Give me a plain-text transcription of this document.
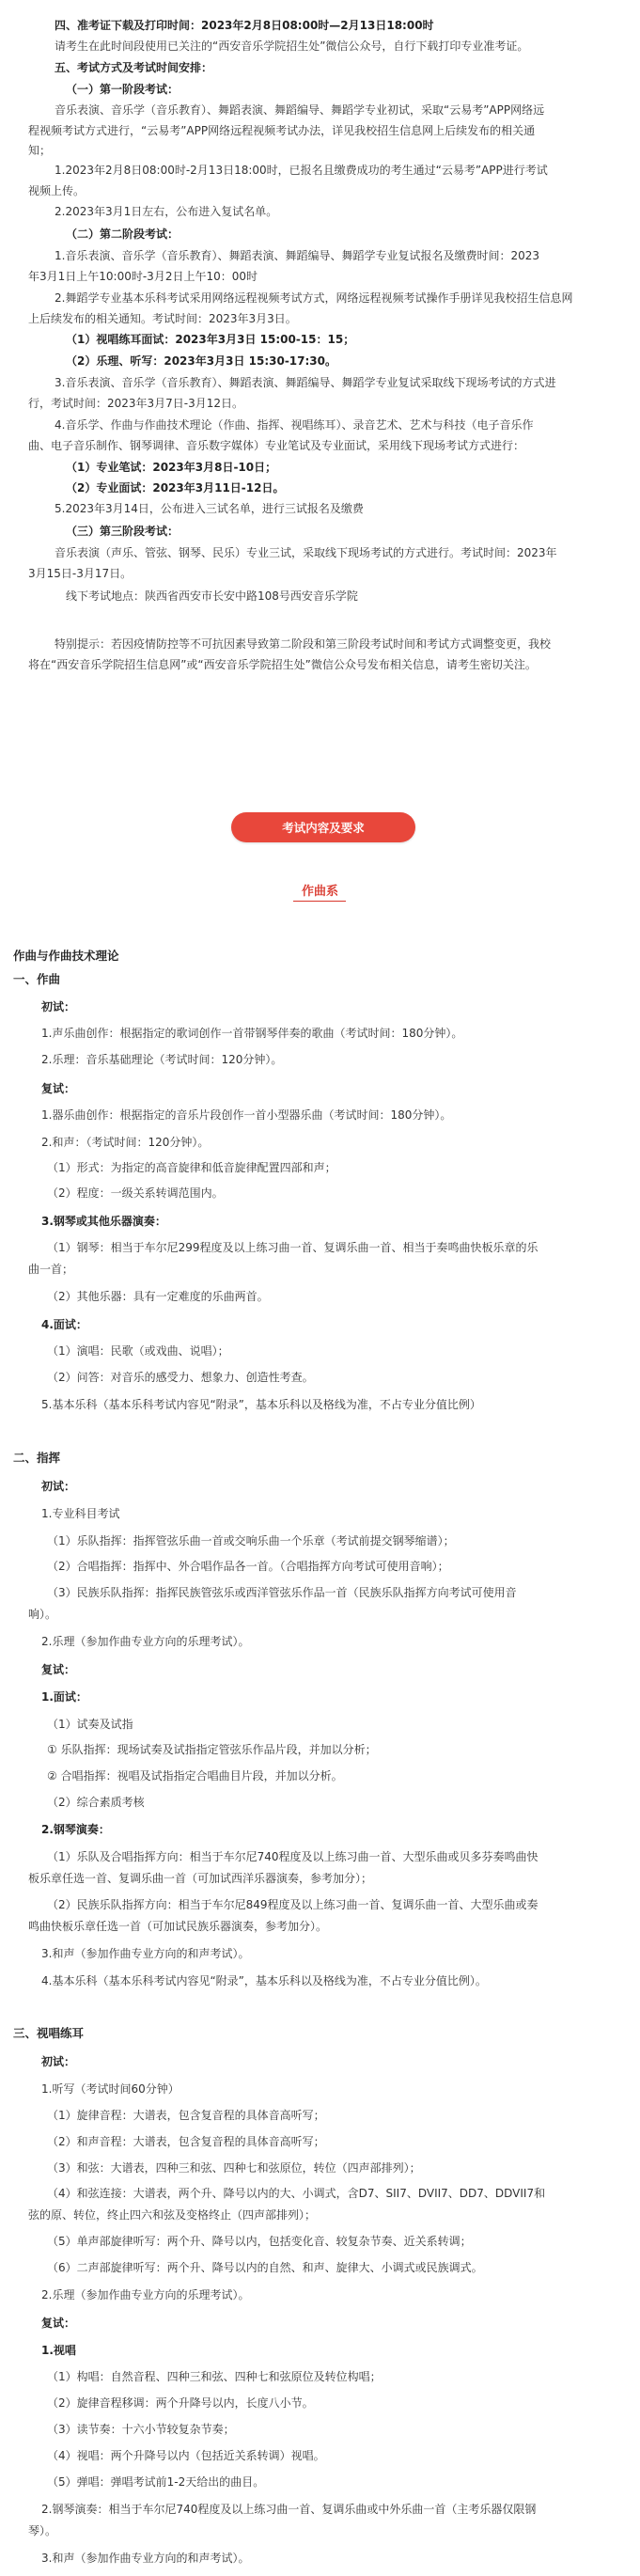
四、准考证下载及打印时间：2023年2月8日08:00时—2月13日18:00时
请考生在此时间段使用已关注的“西安音乐学院招生处”微信公众号，自行下载打印专业准考证。
五、考试方式及考试时间安排：
（一）第一阶段考试：
音乐表演、音乐学（音乐教育）、舞蹈表演、舞蹈编导、舞蹈学专业初试，采取“云易考”APP网络远
程视频考试方式进行，“云易考”APP网络远程视频考试办法，详见我校招生信息网上后续发布的相关通
知；
1.2023年2月8日08:00时-2月13日18:00时，已报名且缴费成功的考生通过“云易考”APP进行考试
视频上传。
2.2023年3月1日左右，公布进入复试名单。
（二）第二阶段考试：
1.音乐表演、音乐学（音乐教育）、舞蹈表演、舞蹈编导、舞蹈学专业复试报名及缴费时间：2023
年3月1日上午10:00时-3月2日上午10：00时
2.舞蹈学专业基本乐科考试采用网络远程视频考试方式，网络远程视频考试操作手册详见我校招生信息网
上后续发布的相关通知。考试时间：2023年3月3日。
（1）视唱练耳面试：2023年3月3日 15:00-15：15；
（2）乐理、听写：2023年3月3日 15:30-17:30。
3.音乐表演、音乐学（音乐教育）、舞蹈表演、舞蹈编导、舞蹈学专业复试采取线下现场考试的方式进
行，考试时间：2023年3月7日-3月12日。
4.音乐学、作曲与作曲技术理论（作曲、指挥、视唱练耳）、录音艺术、艺术与科技（电子音乐作
曲、电子音乐制作、钢琴调律、音乐数字媒体）专业笔试及专业面试，采用线下现场考试方式进行：
（1）专业笔试：2023年3月8日-10日；
（2）专业面试：2023年3月11日-12日。
5.2023年3月14日，公布进入三试名单，进行三试报名及缴费
（三）第三阶段考试：
音乐表演（声乐、管弦、钢琴、民乐）专业三试，采取线下现场考试的方式进行。考试时间：2023年
3月15日-3月17日。
线下考试地点：陕西省西安市长安中路108号西安音乐学院
特别提示：若因疫情防控等不可抗因素导致第二阶段和第三阶段考试时间和考试方式调整变更，我校
将在“西安音乐学院招生信息网”或“西安音乐学院招生处”微信公众号发布相关信息，请考生密切关注。
考试内容及要求
作曲系
作曲与作曲技术理论
一、作曲
初试：
1.声乐曲创作：根据指定的歌词创作一首带钢琴伴奏的歌曲（考试时间：180分钟）。
2.乐理：音乐基础理论（考试时间：120分钟）。
复试：
1.器乐曲创作：根据指定的音乐片段创作一首小型器乐曲（考试时间：180分钟）。
2.和声：（考试时间：120分钟）。
（1）形式：为指定的高音旋律和低音旋律配置四部和声；
（2）程度：一级关系转调范围内。
3.钢琴或其他乐器演奏：
（1）钢琴：相当于车尔尼299程度及以上练习曲一首、复调乐曲一首、相当于奏鸣曲快板乐章的乐
曲一首；
（2）其他乐器：具有一定难度的乐曲两首。
4.面试：
（1）演唱：民歌（或戏曲、说唱）；
（2）问答：对音乐的感受力、想象力、创造性考查。
5.基本乐科（基本乐科考试内容见“附录”，基本乐科以及格线为准，不占专业分值比例）
二、指挥
初试：
1.专业科目考试
（1）乐队指挥：指挥管弦乐曲一首或交响乐曲一个乐章（考试前提交钢琴缩谱）；
（2）合唱指挥：指挥中、外合唱作品各一首。（合唱指挥方向考试可使用音响）；
（3）民族乐队指挥：指挥民族管弦乐或西洋管弦乐作品一首（民族乐队指挥方向考试可使用音
响）。
2.乐理（参加作曲专业方向的乐理考试）。
复试：
1.面试：
（1）试奏及试指
① 乐队指挥：现场试奏及试指指定管弦乐作品片段，并加以分析；
② 合唱指挥：视唱及试指指定合唱曲目片段，并加以分析。
（2）综合素质考核
2.钢琴演奏：
（1）乐队及合唱指挥方向：相当于车尔尼740程度及以上练习曲一首、大型乐曲或贝多芬奏鸣曲快
板乐章任选一首、复调乐曲一首（可加试西洋乐器演奏，参考加分）；
（2）民族乐队指挥方向：相当于车尔尼849程度及以上练习曲一首、复调乐曲一首、大型乐曲或奏
鸣曲快板乐章任选一首（可加试民族乐器演奏，参考加分）。
3.和声（参加作曲专业方向的和声考试）。
4.基本乐科（基本乐科考试内容见“附录”，基本乐科以及格线为准，不占专业分值比例）。
三、视唱练耳
初试：
1.听写（考试时间60分钟）
（1）旋律音程：大谱表，包含复音程的具体音高听写；
（2）和声音程：大谱表，包含复音程的具体音高听写；
（3）和弦：大谱表，四种三和弦、四种七和弦原位，转位（四声部排列）；
（4）和弦连接：大谱表，两个升、降号以内的大、小调式，含D7、SII7、DVII7、DD7、DDVII7和
弦的原、转位，终止四六和弦及变格终止（四声部排列）；
（5）单声部旋律听写：两个升、降号以内，包括变化音、较复杂节奏、近关系转调；
（6）二声部旋律听写：两个升、降号以内的自然、和声、旋律大、小调式或民族调式。
2.乐理（参加作曲专业方向的乐理考试）。
复试：
1.视唱
（1）构唱：自然音程、四种三和弦、四种七和弦原位及转位构唱；
（2）旋律音程移调：两个升降号以内，长度八小节。
（3）读节奏：十六小节较复杂节奏；
（4）视唱：两个升降号以内（包括近关系转调）视唱。
（5）弹唱：弹唱考试前1-2天给出的曲目。
2.钢琴演奏：相当于车尔尼740程度及以上练习曲一首、复调乐曲或中外乐曲一首（主考乐器仅限钢
琴）。
3.和声（参加作曲专业方向的和声考试）。
